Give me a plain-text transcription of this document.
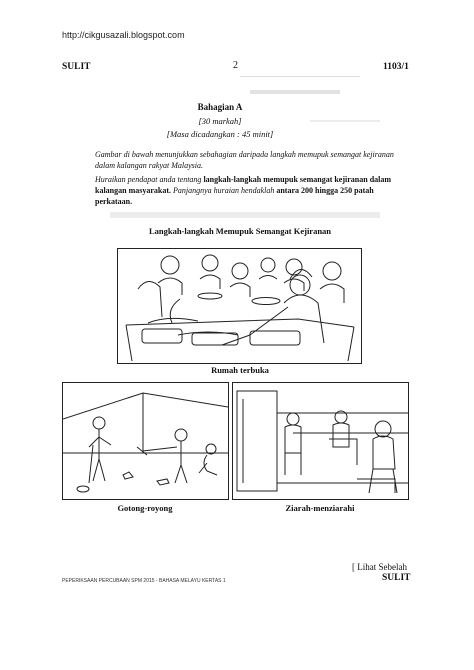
http://cikgusazali.blogspot.com
SULIT	2	1103/1
Bahagian A
[30 markah]
[Masa dicadangkan : 45 minit]
Gambar di bawah menunjukkan sebahagian daripada langkah memupuk semangat kejiranan dalam kalangan rakyat Malaysia.
Huraikan pendapat anda tentang langkah-langkah memupuk semangat kejiranan dalam kalangan masyarakat. Panjangnya huraian hendaklah antara 200 hingga 250 patah perkataan.
Langkah-langkah Memupuk Semangat Kejiranan
Rumah terbuka
Gotong-royong	Ziarah-menziarahi
[ Lihat Sebelah
SULIT
PEPERIKSAAN PERCUBAAN SPM 2015 - BAHASA MELAYU KERTAS 1
